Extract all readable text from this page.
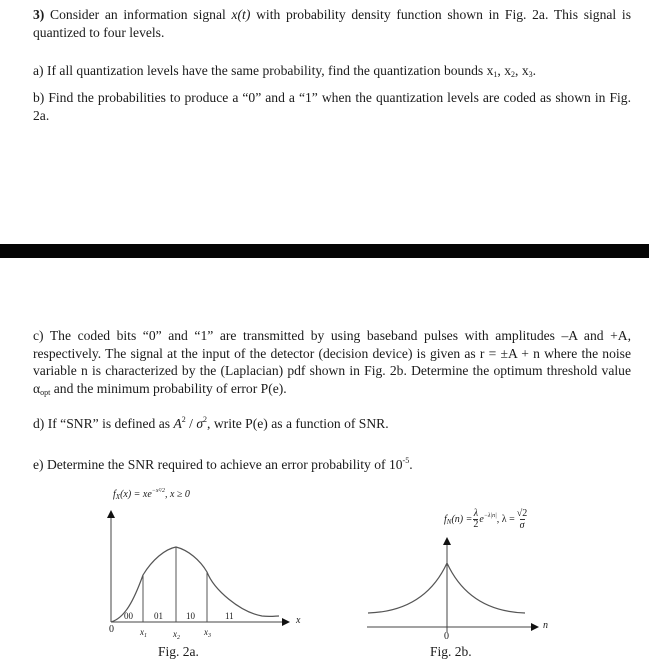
3) Consider an information signal x(t) with probability density function shown in Fig. 2a. This signal is quantized to four levels.
a) If all quantization levels have the same probability, find the quantization bounds $x_1$, $x_2$, $x_3$.
b) Find the probabilities to produce a “0” and a “1” when the quantization levels are coded as shown in Fig. 2a.
c) The coded bits “0” and “1” are transmitted by using baseband pulses with amplitudes –A and +A, respectively. The signal at the input of the detector (decision device) is given as r = ±A + n where the noise variable n is characterized by the (Laplacian) pdf shown in Fig. 2b. Determine the optimum threshold value $\alpha_{opt}$ and the minimum probability of error P(e).
d) If “SNR” is defined as $A^2 / \sigma^2$, write P(e) as a function of SNR.
e) Determine the SNR required to achieve an error probability of $10^{-5}$.
$f_X(x) = xe^{-x^2/2}$, x ≥ 0
00 01	10	11
0	$x_1$	$x_2$
$x_3$
x
Fig. 2a.
f N $(n) = \frac{\lambda}{2}$ e −λ|n| , $\lambda = \frac{√2}{\sigma}$
0
n
Fig. 2b.
